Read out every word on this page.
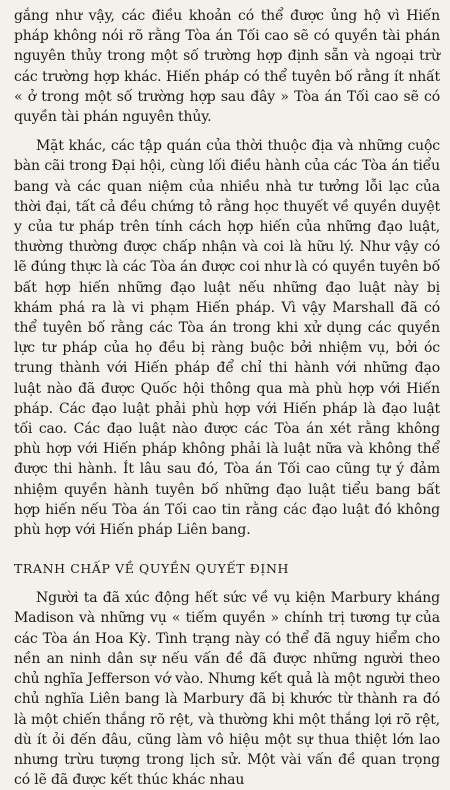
gắng như vậy, các điều khoản có thể được ủng hộ vì Hiến pháp không nói rõ rằng Tòa án Tối cao sẽ có quyền tài phán nguyên thủy trong một số trường hợp định sẵn và ngoại trừ các trường hợp khác. Hiến pháp có thể tuyên bố rằng ít nhất « ở trong một số trường hợp sau đây » Tòa án Tối cao sẽ có quyền tài phán nguyên thủy.

Mặt khác, các tập quán của thời thuộc địa và những cuộc bàn cãi trong Đại hội, cùng lối điều hành của các Tòa án tiểu bang và các quan niệm của nhiều nhà tư tưởng lỗi lạc của thời đại, tất cả đều chứng tỏ rằng học thuyết về quyền duyệt y của tư pháp trên tính cách hợp hiến của những đạo luật, thường thường được chấp nhận và coi là hữu lý. Như vậy có lẽ đúng thực là các Tòa án được coi như là có quyền tuyên bố bất hợp hiến những đạo luật nếu những đạo luật này bị khám phá ra là vi phạm Hiến pháp. Vì vậy Marshall đã có thể tuyên bố rằng các Tòa án trong khi xử dụng các quyền lực tư pháp của họ đều bị ràng buộc bởi nhiệm vụ, bởi óc trung thành với Hiến pháp để chỉ thi hành với những đạo luật nào đã được Quốc hội thông qua mà phù hợp với Hiến pháp. Các đạo luật phải phù hợp với Hiến pháp là đạo luật tối cao. Các đạo luật nào được các Tòa án xét rằng không phù hợp với Hiến pháp không phải là luật nữa và không thể được thi hành. Ít lâu sau đó, Tòa án Tối cao cũng tự ý đảm nhiệm quyền hành tuyên bố những đạo luật tiểu bang bất hợp hiến nếu Tòa án Tối cao tin rằng các đạo luật đó không phù hợp với Hiến pháp Liên bang.

TRANH CHẤP VỀ QUYỀN QUYẾT ĐỊNH

Người ta đã xúc động hết sức về vụ kiện Marbury kháng Madison và những vụ « tiếm quyền » chính trị tương tự của các Tòa án Hoa Kỳ. Tình trạng này có thể đã nguy hiểm cho nền an ninh dân sự nếu vấn đề đã được những người theo chủ nghĩa Jefferson vớ vào. Nhưng kết quả là một người theo chủ nghĩa Liên bang là Marbury đã bị khước từ thành ra đó là một chiến thắng rõ rệt, và thường khi một thắng lợi rõ rệt, dù ít ỏi đến đâu, cũng làm vô hiệu một sự thua thiệt lớn lao nhưng trừu tượng trong lịch sử. Một vài vấn đề quan trọng có lẽ đã được kết thúc khác nhau
